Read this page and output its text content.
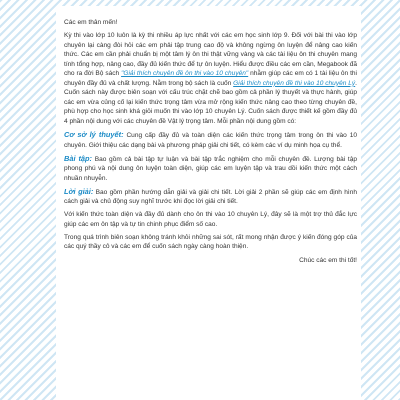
Các em thân mến!

Kỳ thi vào lớp 10 luôn là kỳ thi nhiều áp lực nhất với các em học sinh lớp 9. Đối với bài thi vào lớp chuyên lại càng đòi hỏi các em phải tập trung cao độ và không ngừng ôn luyện để nâng cao kiến thức. Các em cần phải chuẩn bị một tâm lý ôn thi thật vững vàng và các tài liệu ôn thi chuyên mang tính tổng hợp, nâng cao, đầy đủ kiến thức để tự ôn luyện. Hiểu được điều các em cần, Megabook đã cho ra đời Bộ sách "Giải thích chuyên đề ôn thi vào 10 chuyên" nhằm giúp các em có 1 tài liệu ôn thi chuyên đầy đủ và chất lượng. Nằm trong bộ sách là cuốn Giải thích chuyên đề thi vào 10 chuyên Lý. Cuốn sách này được biên soạn với cấu trúc chặt chẽ bao gồm cả phần lý thuyết và thực hành, giúp các em vừa củng cố lại kiến thức trọng tâm vừa mở rộng kiến thức nâng cao theo từng chuyên đề, phù hợp cho học sinh khá giỏi muốn thi vào lớp 10 chuyên Lý. Cuốn sách được thiết kế gồm đầy đủ 4 phần nội dung với các chuyên đề Vật lý trọng tâm. Mỗi phần nội dung gồm có:

Cơ sở lý thuyết: Cung cấp đầy đủ và toàn diện các kiến thức trọng tâm trong ôn thi vào 10 chuyên. Giới thiệu các dạng bài và phương pháp giải chi tiết, có kèm các ví dụ minh họa cụ thể.

Bài tập: Bao gồm cả bài tập tự luận và bài tập trắc nghiệm cho mỗi chuyên đề. Lượng bài tập phong phú và nội dung ôn luyện toàn diện, giúp các em luyện tập và trau dồi kiến thức một cách nhuần nhuyễn.

Lời giải: Bao gồm phần hướng dẫn giải và giải chi tiết. Lời giải 2 phần sẽ giúp các em định hình cách giải và chủ động suy nghĩ trước khi đọc lời giải chi tiết.

Với kiến thức toàn diện và đầy đủ dành cho ôn thi vào 10 chuyên Lý, đây sẽ là một trợ thủ đắc lực giúp các em ôn tập và tự tin chinh phục điểm số cao.

Trong quá trình biên soạn không tránh khỏi những sai sót, rất mong nhận được ý kiến đóng góp của các quý thầy cô và các em để cuốn sách ngày càng hoàn thiện.

Chúc các em thi tốt!
